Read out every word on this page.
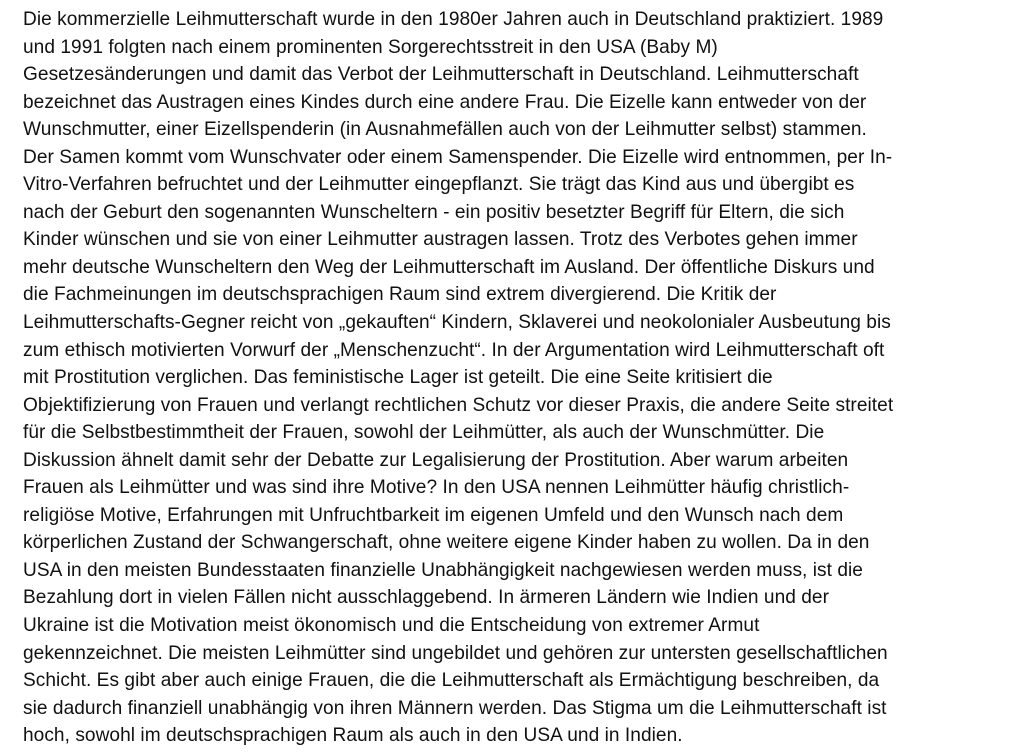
Die kommerzielle Leihmutterschaft wurde in den 1980er Jahren auch in Deutschland praktiziert. 1989
und 1991 folgten nach einem prominenten Sorgerechtsstreit in den USA (Baby M)
Gesetzesänderungen und damit das Verbot der Leihmutterschaft in Deutschland. Leihmutterschaft
bezeichnet das Austragen eines Kindes durch eine andere Frau. Die Eizelle kann entweder von der
Wunschmutter, einer Eizellspenderin (in Ausnahmefällen auch von der Leihmutter selbst) stammen.
Der Samen kommt vom Wunschvater oder einem Samenspender. Die Eizelle wird entnommen, per In-
Vitro-Verfahren befruchtet und der Leihmutter eingepflanzt. Sie trägt das Kind aus und übergibt es
nach der Geburt den sogenannten Wunscheltern - ein positiv besetzter Begriff für Eltern, die sich
Kinder wünschen und sie von einer Leihmutter austragen lassen. Trotz des Verbotes gehen immer
mehr deutsche Wunscheltern den Weg der Leihmutterschaft im Ausland. Der öffentliche Diskurs und
die Fachmeinungen im deutschsprachigen Raum sind extrem divergierend. Die Kritik der
Leihmutterschafts-Gegner reicht von „gekauften“ Kindern, Sklaverei und neokolonialer Ausbeutung bis
zum ethisch motivierten Vorwurf der „Menschenzucht“. In der Argumentation wird Leihmutterschaft oft
mit Prostitution verglichen. Das feministische Lager ist geteilt. Die eine Seite kritisiert die
Objektifizierung von Frauen und verlangt rechtlichen Schutz vor dieser Praxis, die andere Seite streitet
für die Selbstbestimmtheit der Frauen, sowohl der Leihmütter, als auch der Wunschmütter. Die
Diskussion ähnelt damit sehr der Debatte zur Legalisierung der Prostitution. Aber warum arbeiten
Frauen als Leihmütter und was sind ihre Motive? In den USA nennen Leihmütter häufig christlich-
religiöse Motive, Erfahrungen mit Unfruchtbarkeit im eigenen Umfeld und den Wunsch nach dem
körperlichen Zustand der Schwangerschaft, ohne weitere eigene Kinder haben zu wollen. Da in den
USA in den meisten Bundesstaaten finanzielle Unabhängigkeit nachgewiesen werden muss, ist die
Bezahlung dort in vielen Fällen nicht ausschlaggebend. In ärmeren Ländern wie Indien und der
Ukraine ist die Motivation meist ökonomisch und die Entscheidung von extremer Armut
gekennzeichnet. Die meisten Leihmütter sind ungebildet und gehören zur untersten gesellschaftlichen
Schicht. Es gibt aber auch einige Frauen, die die Leihmutterschaft als Ermächtigung beschreiben, da
sie dadurch finanziell unabhängig von ihren Männern werden. Das Stigma um die Leihmutterschaft ist
hoch, sowohl im deutschsprachigen Raum als auch in den USA und in Indien.
